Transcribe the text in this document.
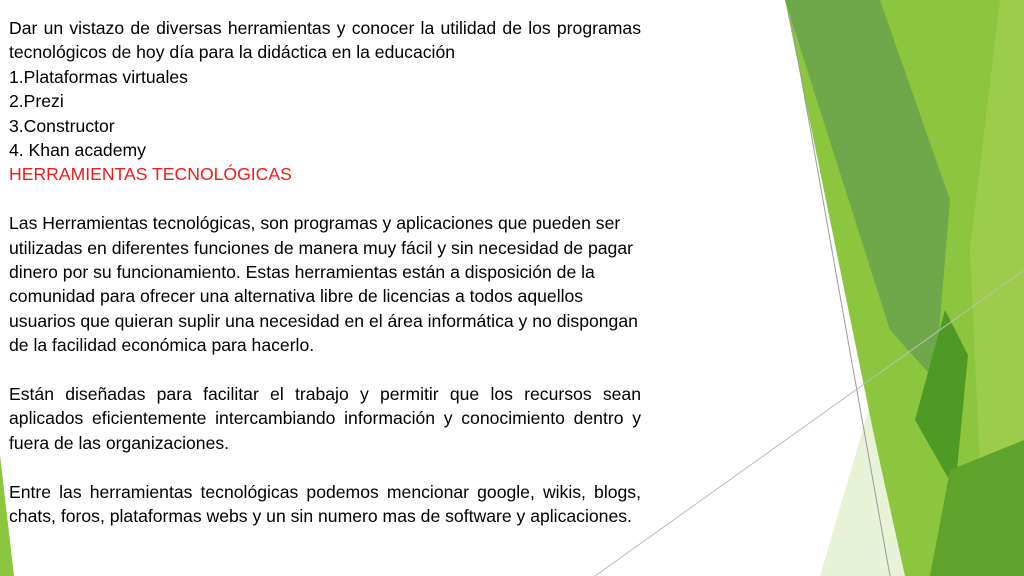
Dar un vistazo de diversas herramientas y conocer la utilidad de los programas tecnológicos de hoy día para la didáctica en la educación

1.Plataformas virtuales

2.Prezi

3.Constructor

4. Khan academy

HERRAMIENTAS TECNOLÓGICAS

Las Herramientas tecnológicas, son programas y aplicaciones que pueden ser utilizadas en diferentes funciones de manera muy fácil y sin necesidad de pagar dinero por su funcionamiento. Estas herramientas están a disposición de la comunidad para ofrecer una alternativa libre de licencias a todos aquellos usuarios que quieran suplir una necesidad en el área informática y no dispongan de la facilidad económica para hacerlo.

Están diseñadas para facilitar el trabajo y permitir que los recursos sean aplicados eficientemente intercambiando información y conocimiento dentro y fuera de las organizaciones.

Entre las herramientas tecnológicas podemos mencionar google, wikis, blogs, chats, foros, plataformas webs y un sin numero mas de software y aplicaciones.
